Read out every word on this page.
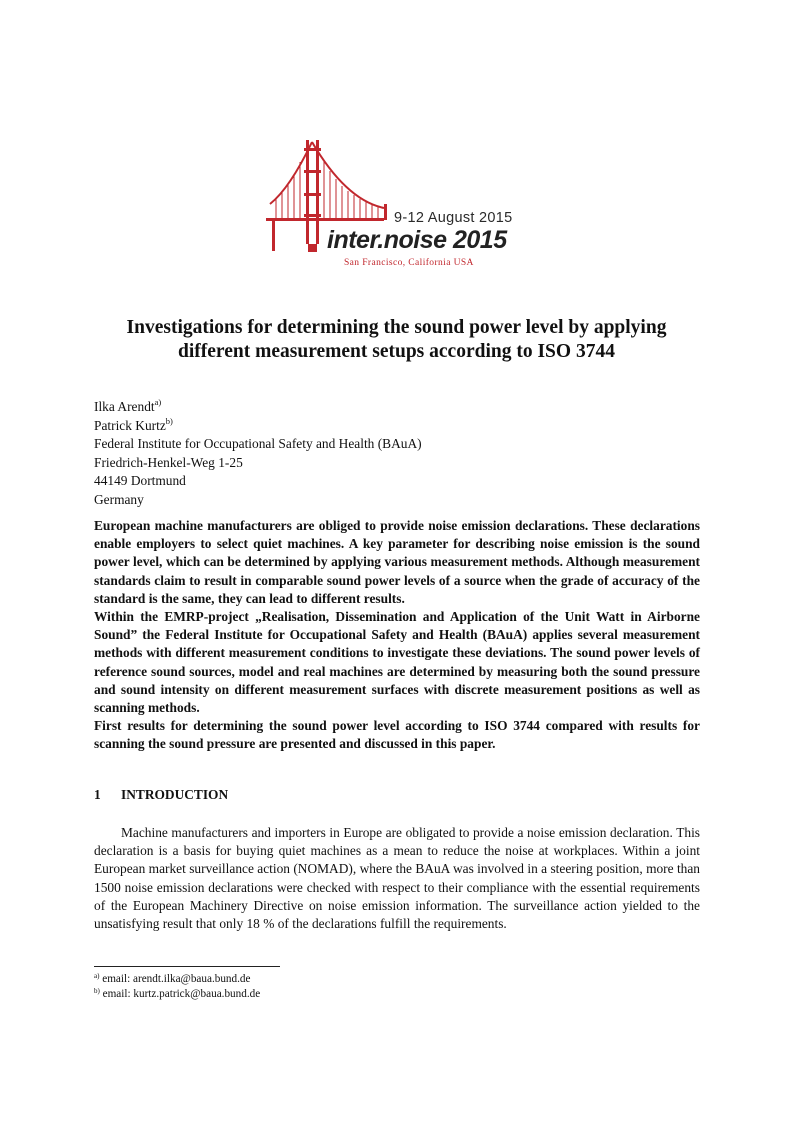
9-12 August 2015
inter.noise 2015
San Francisco, California USA
Investigations for determining the sound power level by applying
different measurement setups according to ISO 3744
Ilka Arendt$^{a)}$
Patrick Kurtz$^{b)}$
Federal Institute for Occupational Safety and Health (BAuA)
Friedrich-Henkel-Weg 1-25
44149 Dortmund
Germany

European machine manufacturers are obliged to provide noise emission declarations. These declarations enable employers to select quiet machines. A key parameter for describing noise emission is the sound power level, which can be determined by applying various measurement methods. Although measurement standards claim to result in comparable sound power levels of a source when the grade of accuracy of the standard is the same, they can lead to different results.

Within the EMRP-project „Realisation, Dissemination and Application of the Unit Watt in Airborne Sound” the Federal Institute for Occupational Safety and Health (BAuA) applies several measurement methods with different measurement conditions to investigate these deviations. The sound power levels of reference sound sources, model and real machines are determined by measuring both the sound pressure and sound intensity on different measurement surfaces with discrete measurement positions as well as scanning methods.

First results for determining the sound power level according to ISO 3744 compared with results for scanning the sound pressure are presented and discussed in this paper.

1 INTRODUCTION

Machine manufacturers and importers in Europe are obligated to provide a noise emission declaration. This declaration is a basis for buying quiet machines as a mean to reduce the noise at workplaces. Within a joint European market surveillance action (NOMAD), where the BAuA was involved in a steering position, more than 1500 noise emission declarations were checked with respect to their compliance with the essential requirements of the European Machinery Directive on noise emission information. The surveillance action yielded to the unsatisfying result that only 18 % of the declarations fulfill the requirements.

$^{a)}$ email: arendt.ilka@baua.bund.de
$^{b)}$ email: kurtz.patrick@baua.bund.de
